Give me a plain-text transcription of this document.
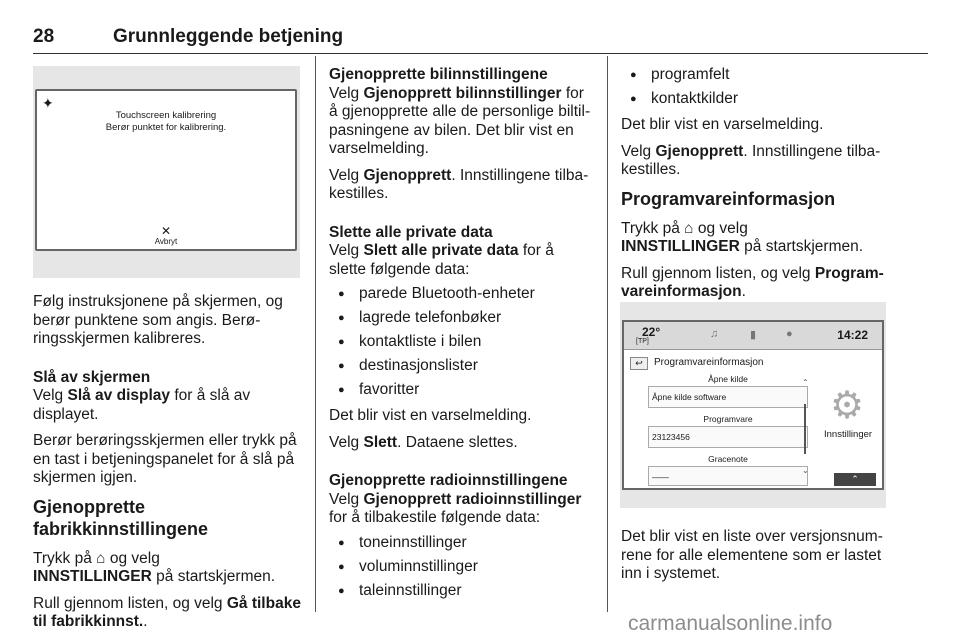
28	Grunnleggende betjening
✦
Touchscreen kalibrering
Berør punktet for kalibrering.
✕
Avbryt

Følg instruksjonene på skjermen, og berør punktene som angis. Berøringsskjermen kalibreres.

Slå av skjermen

Velg Slå av display for å slå av displayet.

Berør berøringsskjermen eller trykk på en tast i betjeningspanelet for å slå på skjermen igjen.

Gjenopprette fabrikkinnstillingene

Trykk på ⌂ og velg
INNSTILLINGER på startskjermen.

Rull gjennom listen, og velg Gå tilbake til fabrikkinnst..

Gjenopprette bilinnstillingene

Velg Gjenopprett bilinnstillinger for å gjenopprette alle de personlige biltilpasningene av bilen. Det blir vist en varselmelding.

Velg Gjenopprett. Innstillingene tilbakestilles.

Slette alle private data

Velg Slett alle private data for å slette følgende data:

● parede Bluetooth-enheter
● lagrede telefonbøker
● kontaktliste i bilen
● destinasjonslister
● favoritter

Det blir vist en varselmelding.

Velg Slett. Dataene slettes.

Gjenopprette radioinnstillingene

Velg Gjenopprett radioinnstillinger for å tilbakestile følgende data:

● toneinnstillinger
● voluminnstillinger
● taleinnstillinger
● programfelt
● kontaktkilder

Det blir vist en varselmelding.

Velg Gjenopprett. Innstillingene tilbakestilles.

Programvareinformasjon

Trykk på ⌂ og velg
INNSTILLINGER på startskjermen.

Rull gjennom listen, og velg Programvareinformasjon.

22°
[TP]
♫	▮	●	14:22
↩	Programvareinformasjon
Åpne kilde
Åpne kilde software
Programvare
23123456
Gracenote
——
⌃
⌄
⚙
Innstillinger
⌃

Det blir vist en liste over versjonsnumrene for alle elementene som er lastet inn i systemet.

carmanualsonline.info
